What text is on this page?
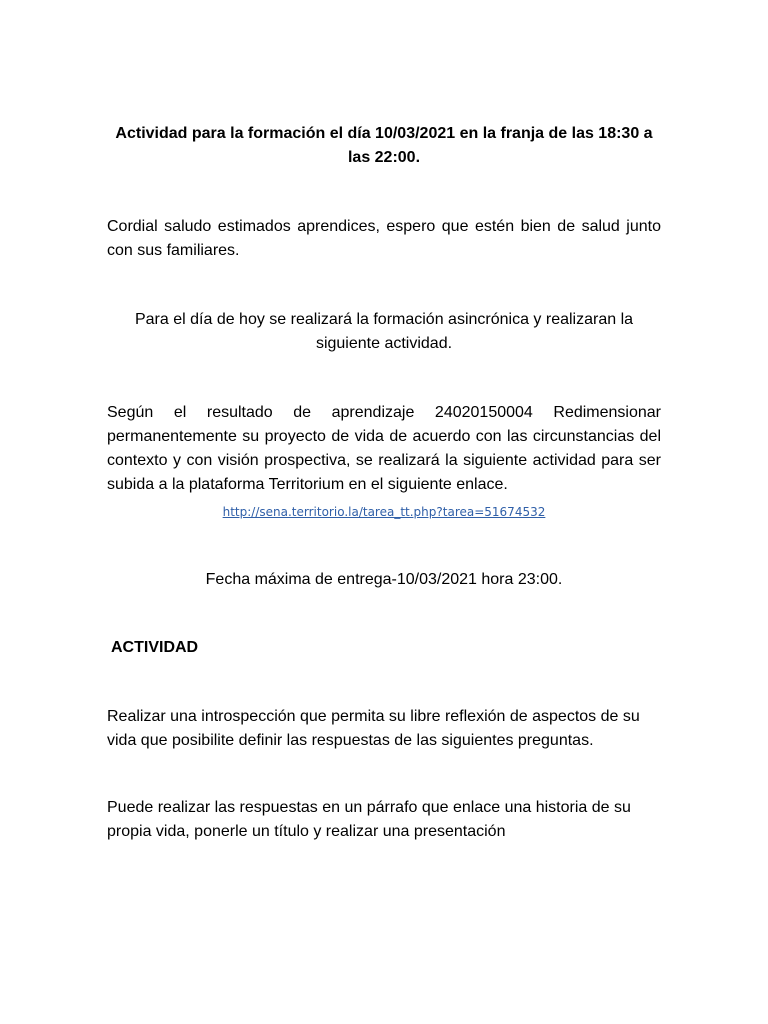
Actividad para la formación el día 10/03/2021 en la franja de las 18:30 a las 22:00.

Cordial saludo estimados aprendices, espero que estén bien de salud junto con sus familiares.

Para el día de hoy se realizará la formación asincrónica y realizaran la siguiente actividad.

Según el resultado de aprendizaje 24020150004 Redimensionar permanentemente su proyecto de vida de acuerdo con las circunstancias del contexto y con visión prospectiva, se realizará la siguiente actividad para ser subida a la plataforma Territorium en el siguiente enlace.

http://sena.territorio.la/tarea_tt.php?tarea=51674532

Fecha máxima de entrega-10/03/2021 hora 23:00.

ACTIVIDAD

Realizar una introspección que permita su libre reflexión de aspectos de su vida que posibilite definir las respuestas de las siguientes preguntas.

Puede realizar las respuestas en un párrafo que enlace una historia de su propia vida, ponerle un título y realizar una presentación
